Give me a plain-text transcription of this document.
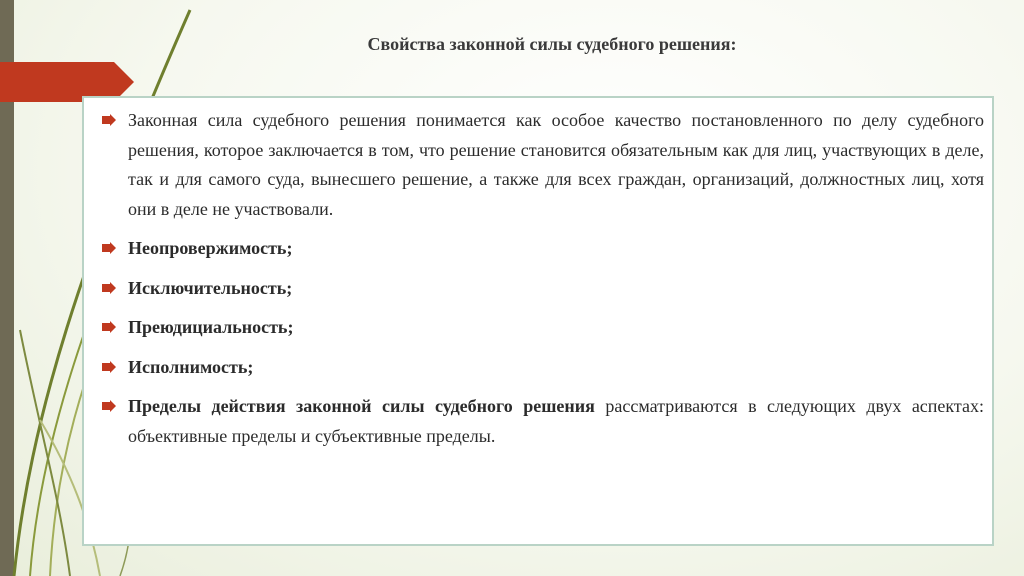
Свойства законной силы судебного решения:
Законная сила судебного решения понимается как особое качество постановленного по делу судебного решения, которое заключается в том, что решение становится обязательным как для лиц, участвующих в деле, так и для самого суда, вынесшего решение, а также для всех граждан, организаций, должностных лиц, хотя они в деле не участвовали.
Неопровержимость;
Исключительность;
Преюдициальность;
Исполнимость;
Пределы действия законной силы судебного решения рассматриваются в следующих двух аспектах: объективные пределы и субъективные пределы.
